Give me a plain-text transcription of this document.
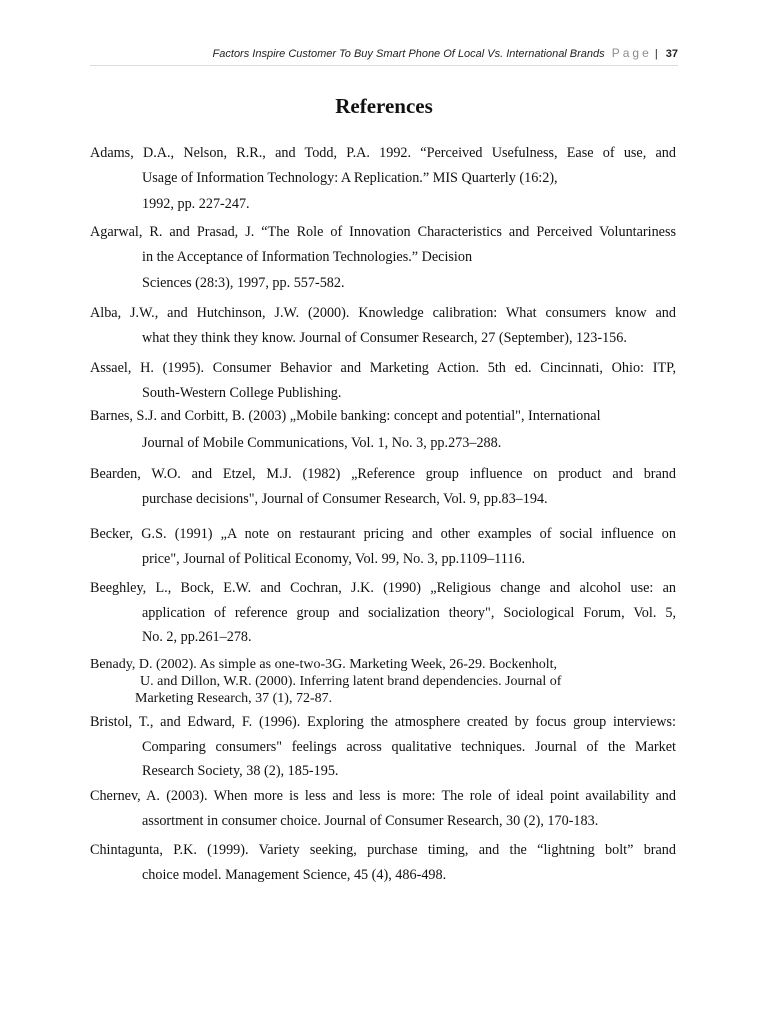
Factors Inspire Customer To Buy Smart Phone Of Local Vs. International Brands Page | 37
References
Adams, D.A., Nelson, R.R., and Todd, P.A. 1992. “Perceived Usefulness, Ease of use, and
Usage of Information Technology: A Replication.” MIS Quarterly (16:2),
1992, pp. 227-247.
Agarwal, R. and Prasad, J. “The Role of Innovation Characteristics and Perceived Voluntariness
in the Acceptance of Information Technologies.” Decision
Sciences (28:3), 1997, pp. 557-582.
Alba, J.W., and Hutchinson, J.W. (2000). Knowledge calibration: What consumers know and
what they think they know. Journal of Consumer Research, 27 (September), 123-156.
Assael, H. (1995). Consumer Behavior and Marketing Action. 5th ed. Cincinnati, Ohio: ITP,
South-Western College Publishing.
Barnes, S.J. and Corbitt, B. (2003) „Mobile banking: concept and potential", International
Journal of Mobile Communications, Vol. 1, No. 3, pp.273–288.
Bearden, W.O. and Etzel, M.J. (1982) „Reference group influence on product and brand
purchase decisions", Journal of Consumer Research, Vol. 9, pp.83–194.
Becker, G.S. (1991) „A note on restaurant pricing and other examples of social influence on
price", Journal of Political Economy, Vol. 99, No. 3, pp.1109–1116.
Beeghley, L., Bock, E.W. and Cochran, J.K. (1990) „Religious change and alcohol use: an
application of reference group and socialization theory", Sociological Forum, Vol. 5,
No. 2, pp.261–278.
Benady, D. (2002). As simple as one-two-3G. Marketing Week, 26-29. Bockenholt,
U. and Dillon, W.R. (2000). Inferring latent brand dependencies. Journal of
Marketing Research, 37 (1), 72-87.
Bristol, T., and Edward, F. (1996). Exploring the atmosphere created by focus group interviews:
Comparing consumers" feelings across qualitative techniques. Journal of the Market
Research Society, 38 (2), 185-195.
Chernev, A. (2003). When more is less and less is more: The role of ideal point availability and
assortment in consumer choice. Journal of Consumer Research, 30 (2), 170-183.
Chintagunta, P.K. (1999). Variety seeking, purchase timing, and the “lightning bolt” brand
choice model. Management Science, 45 (4), 486-498.
